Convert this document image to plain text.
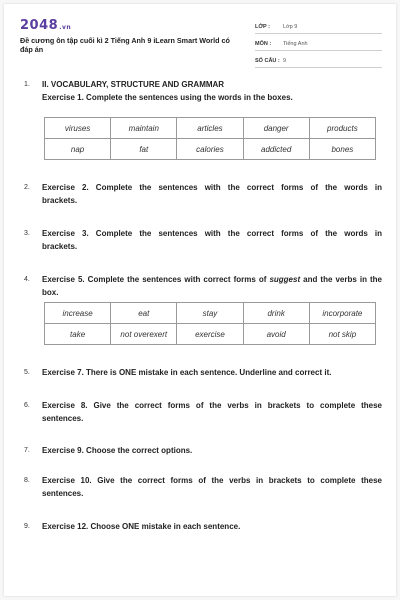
2048.vn
Đề cương ôn tập cuối kì 2 Tiếng Anh 9 iLearn Smart World có đáp án
LỚP :	Lớp 9
MÔN :	Tiếng Anh
SỐ CÂU : 9
1. II. VOCABULARY, STRUCTURE AND GRAMMAR
Exercise 1. Complete the sentences using the words in the boxes.
viruses	maintain	articles	danger	products
nap	fat	calories	addicted	bones
2. Exercise 2. Complete the sentences with the correct forms of the words in brackets.
3. Exercise 3. Complete the sentences with the correct forms of the words in brackets.
4. Exercise 5. Complete the sentences with correct forms of suggest and the verbs in the box.
increase	eat	stay	drink	incorporate
take	not overexert	exercise	avoid	not skip
5. Exercise 7. There is ONE mistake in each sentence. Underline and correct it.
6. Exercise 8. Give the correct forms of the verbs in brackets to complete these sentences.
7. Exercise 9. Choose the correct options.
8. Exercise 10. Give the correct forms of the verbs in brackets to complete these sentences.
9. Exercise 12. Choose ONE mistake in each sentence.
